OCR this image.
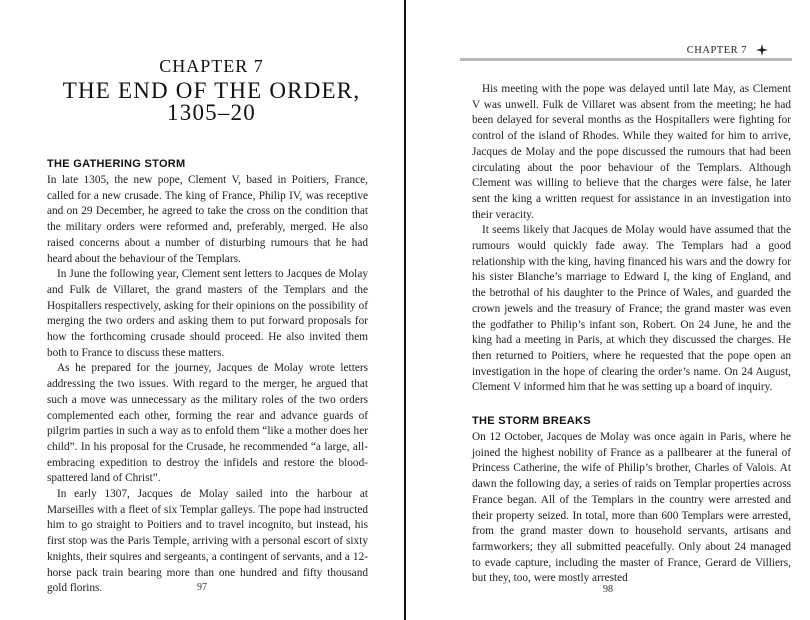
CHAPTER 7
THE END OF THE ORDER,
1305–20
THE GATHERING STORM

In late 1305, the new pope, Clement V, based in Poitiers, France, called for a new crusade. The king of France, Philip IV, was receptive and on 29 December, he agreed to take the cross on the condition that the military orders were reformed and, preferably, merged. He also raised concerns about a number of disturbing rumours that he had heard about the behaviour of the Templars.

In June the following year, Clement sent letters to Jacques de Molay and Fulk de Villaret, the grand masters of the Templars and the Hospitallers respectively, asking for their opinions on the possibility of merging the two orders and asking them to put forward proposals for how the forthcoming crusade should proceed. He also invited them both to France to discuss these matters.

As he prepared for the journey, Jacques de Molay wrote letters addressing the two issues. With regard to the merger, he argued that such a move was unnecessary as the military roles of the two orders complemented each other, forming the rear and advance guards of pilgrim parties in such a way as to enfold them “like a mother does her child”. In his proposal for the Crusade, he recommended “a large, all-embracing expedition to destroy the infidels and restore the blood-spattered land of Christ”.

In early 1307, Jacques de Molay sailed into the harbour at Marseilles with a fleet of six Templar galleys. The pope had instructed him to go straight to Poitiers and to travel incognito, but instead, his first stop was the Paris Temple, arriving with a personal escort of sixty knights, their squires and sergeants, a contingent of servants, and a 12-horse pack train bearing more than one hundred and fifty thousand gold florins.	97
CHAPTER 7

His meeting with the pope was delayed until late May, as Clement V was unwell. Fulk de Villaret was absent from the meeting; he had been delayed for several months as the Hospitallers were fighting for control of the island of Rhodes. While they waited for him to arrive, Jacques de Molay and the pope discussed the rumours that had been circulating about the poor behaviour of the Templars. Although Clement was willing to believe that the charges were false, he later sent the king a written request for assistance in an investigation into their veracity.

It seems likely that Jacques de Molay would have assumed that the rumours would quickly fade away. The Templars had a good relationship with the king, having financed his wars and the dowry for his sister Blanche’s marriage to Edward I, the king of England, and the betrothal of his daughter to the Prince of Wales, and guarded the crown jewels and the treasury of France; the grand master was even the godfather to Philip’s infant son, Robert. On 24 June, he and the king had a meeting in Paris, at which they discussed the charges. He then returned to Poitiers, where he requested that the pope open an investigation in the hope of clearing the order’s name. On 24 August, Clement V informed him that he was setting up a board of inquiry.

THE STORM BREAKS

On 12 October, Jacques de Molay was once again in Paris, where he joined the highest nobility of France as a pallbearer at the funeral of Princess Catherine, the wife of Philip’s brother, Charles of Valois. At dawn the following day, a series of raids on Templar properties across France began. All of the Templars in the country were arrested and their property seized. In total, more than 600 Templars were arrested, from the grand master down to household servants, artisans and farmworkers; they all submitted peacefully. Only about 24 managed to evade capture, including the master of France, Gerard de Villiers, but they, too, were mostly arrested

98
